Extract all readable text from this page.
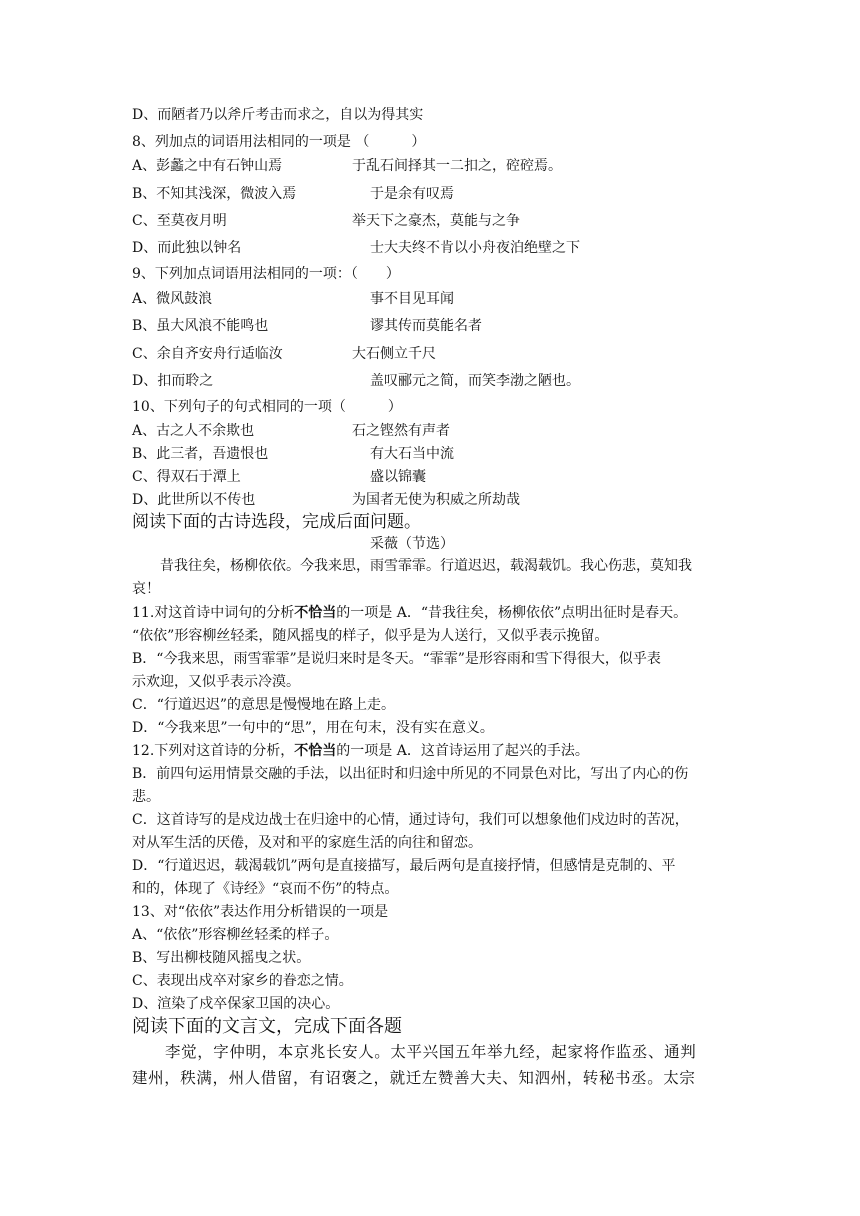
D、而陋者乃以斧斤考击而求之，自以为得其实
8、列加点的词语用法相同的一项是 （　　　）
A、彭蠡之中有石钟山焉	于乱石间择其一二扣之，硿硿焉。
B、不知其浅深，微波入焉	于是余有叹焉
C、至莫夜月明	举天下之豪杰，莫能与之争
D、而此独以钟名	士大夫终不肯以小舟夜泊绝壁之下
9、下列加点词语用法相同的一项：（　　）
A、微风鼓浪	事不目见耳闻
B、虽大风浪不能鸣也	谬其传而莫能名者
C、余自齐安舟行适临汝	大石侧立千尺
D、扣而聆之	盖叹郦元之简，而笑李渤之陋也。
10、下列句子的句式相同的一项（　　　）
A、古之人不余欺也	石之铿然有声者
B、此三者，吾遗恨也	有大石当中流
C、得双石于潭上	盛以锦囊
D、此世所以不传也	为国者无使为积威之所劫哉
阅读下面的古诗选段，完成后面问题。
采薇（节选）
昔我往矣，杨柳依依。今我来思，雨雪霏霏。行道迟迟，载渴载饥。我心伤悲，莫知我
哀！
11.对这首诗中词句的分析不恰当的一项是 A．“昔我往矣，杨柳依依”点明出征时是春天。
“依依”形容柳丝轻柔，随风摇曳的样子，似乎是为人送行，又似乎表示挽留。
B．“今我来思，雨雪霏霏”是说归来时是冬天。“霏霏”是形容雨和雪下得很大，似乎表
示欢迎，又似乎表示冷漠。
C．“行道迟迟”的意思是慢慢地在路上走。
D．“今我来思”一句中的“思”，用在句末，没有实在意义。
12.下列对这首诗的分析，不恰当的一项是 A．这首诗运用了起兴的手法。
B．前四句运用情景交融的手法，以出征时和归途中所见的不同景色对比，写出了内心的伤
悲。
C．这首诗写的是戍边战士在归途中的心情，通过诗句，我们可以想象他们戍边时的苦况，
对从军生活的厌倦，及对和平的家庭生活的向往和留恋。
D．“行道迟迟，载渴载饥”两句是直接描写，最后两句是直接抒情，但感情是克制的、平
和的，体现了《诗经》“哀而不伤”的特点。
13、对“依依”表达作用分析错误的一项是
A、“依依”形容柳丝轻柔的样子。
B、写出柳枝随风摇曳之状。
C、表现出戍卒对家乡的眷恋之情。
D、渲染了戍卒保家卫国的决心。
阅读下面的文言文，完成下面各题
李觉，字仲明，本京兆长安人。太平兴国五年举九经，起家将作监丞、通判
建州，秩满，州人借留，有诏褒之，就迁左赞善大夫、知泗州，转秘书丞。太宗
